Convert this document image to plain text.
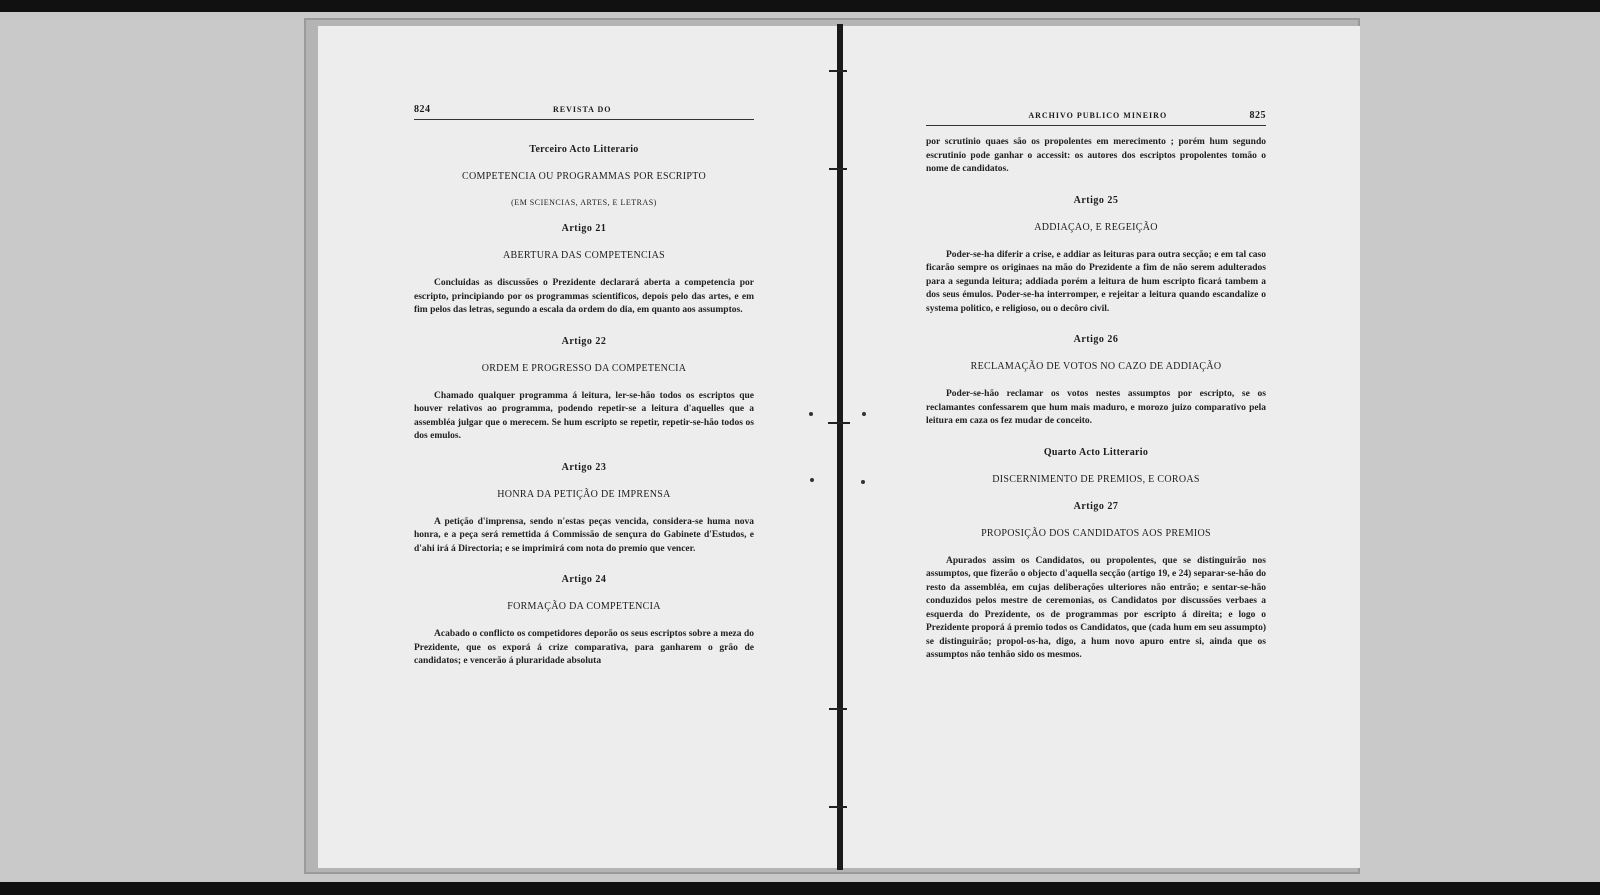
824	REVISTA DO
Terceiro Acto Litterario
COMPETENCIA OU PROGRAMMAS POR ESCRIPTO
(EM SCIENCIAS, ARTES, E LETRAS)
Artigo 21
ABERTURA DAS COMPETENCIAS

Concluidas as discussões o Prezidente declarará aberta a competencia por escripto, principiando por os programmas scientificos, depois pelo das artes, e em fim pelos das letras, segundo a escala da ordem do dia, em quanto aos assumptos.

Artigo 22
ORDEM E PROGRESSO DA COMPETENCIA

Chamado qualquer programma á leitura, ler-se-hão todos os escriptos que houver relativos ao programma, podendo repetir-se a leitura d'aquelles que a assembléa julgar que o merecem. Se hum escripto se repetir, repetir-se-hão todos os dos emulos.

Artigo 23
HONRA DA PETIÇÃO DE IMPRENSA

A petição d'imprensa, sendo n'estas peças vencida, considera-se huma nova honra, e a peça será remettida á Commissão de sençura do Gabinete d'Estudos, e d'ahi irá á Directoria; e se imprimirá com nota do premio que vencer.

Artigo 24
FORMAÇÃO DA COMPETENCIA

Acabado o conflicto os competidores deporão os seus escriptos sobre a meza do Prezidente, que os exporá á crize comparativa, para ganharem o grão de candidatos; e vencerão á pluraridade absoluta

ARCHIVO PUBLICO MINEIRO	825

por scrutinio quaes são os propolentes em merecimento ; porém hum segundo escrutinio pode ganhar o accessit: os autores dos escriptos propolentes tomão o nome de candidatos.

Artigo 25
ADDIAÇAO, E REGEIÇÃO

Poder-se-ha diferir a crise, e addiar as leituras para outra secção; e em tal caso ficarão sempre os originaes na mão do Prezidente a fim de não serem adulterados para a segunda leitura; addiada porém a leitura de hum escripto ficará tambem a dos seus émulos. Poder-se-ha interromper, e rejeitar a leitura quando escandalize o systema politico, e religioso, ou o decôro civil.

Artigo 26
RECLAMAÇÃO DE VOTOS NO CAZO DE ADDIAÇÃO

Poder-se-hão reclamar os votos nestes assumptos por escripto, se os reclamantes confessarem que hum mais maduro, e morozo juizo comparativo pela leitura em caza os fez mudar de conceito.

Quarto Acto Litterario
DISCERNIMENTO DE PREMIOS, E COROAS
Artigo 27
PROPOSIÇÃO DOS CANDIDATOS AOS PREMIOS

Apurados assim os Candidatos, ou propolentes, que se distinguirão nos assumptos, que fizerão o objecto d'aquella secção (artigo 19, e 24) separar-se-hão do resto da assembléa, em cujas deliberações ulteriores não entrão; e sentar-se-hão conduzidos pelos mestre de ceremonias, os Candidatos por discussões verbaes a esquerda do Prezidente, os de programmas por escripto á direita; e logo o Prezidente proporá á premio todos os Candidatos, que (cada hum em seu assumpto) se distinguirão; propol-os-ha, digo, a hum novo apuro entre si, ainda que os assumptos não tenhão sido os mesmos.
